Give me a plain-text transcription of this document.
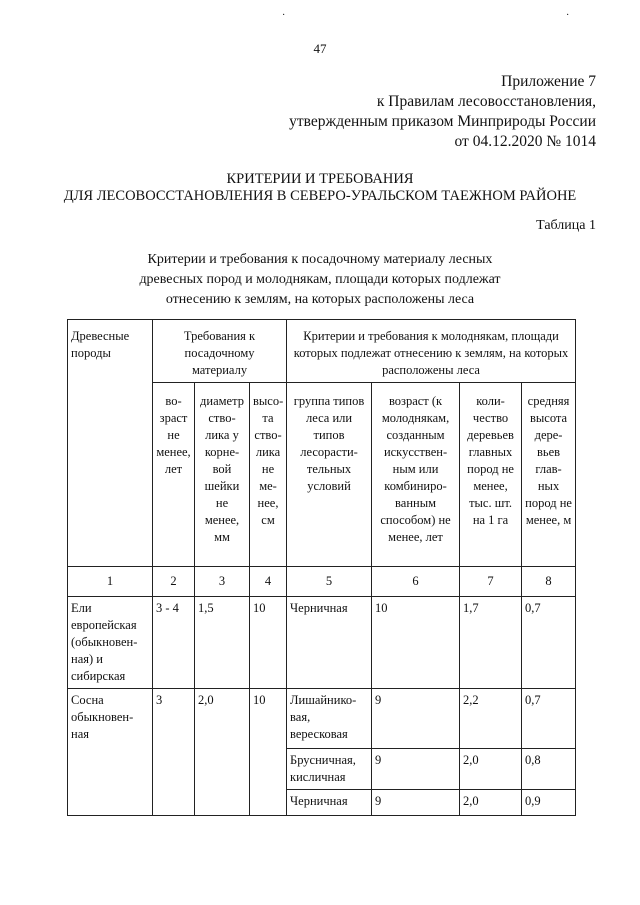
·	·
47
Приложение 7
к Правилам лесовосстановления,
утвержденным приказом Минприроды России
от 04.12.2020 № 1014
КРИТЕРИИ И ТРЕБОВАНИЯ
ДЛЯ ЛЕСОВОССТАНОВЛЕНИЯ В СЕВЕРО-УРАЛЬСКОМ ТАЕЖНОМ РАЙОНЕ
Таблица 1
Критерии и требования к посадочному материалу лесных
древесных пород и молоднякам, площади которых подлежат
отнесению к землям, на которых расположены леса
Древесные породы	Требования к посадочному материалу			Критерии и требования к молоднякам, площади которых подлежат отнесению к землям, на которых расположены леса			
	во-зраст не менее, лет	диаметр ство-лика у корне-вой шейки не менее, мм	высо-та ство-лика не ме-нее, см	группа типов леса или типов лесорасти-тельных условий	возраст (к молоднякам, созданным искусствен-ным или комбиниро-ванным способом) не менее, лет	коли-чество деревьев главных пород не менее, тыс. шт. на 1 га	средняя высота дере-вьев глав-ных пород не менее, м
1	2	3	4	5	6	7	8
Ели европейская (обыкновен-ная) и сибирская	3 - 4	1,5	10	Черничная	10	1,7	0,7
Сосна обыкновен-ная	3	2,0	10	Лишайнико-вая, вересковая	9	2,2	0,7
				Брусничная, кисличная	9	2,0	0,8
				Черничная	9	2,0	0,9
